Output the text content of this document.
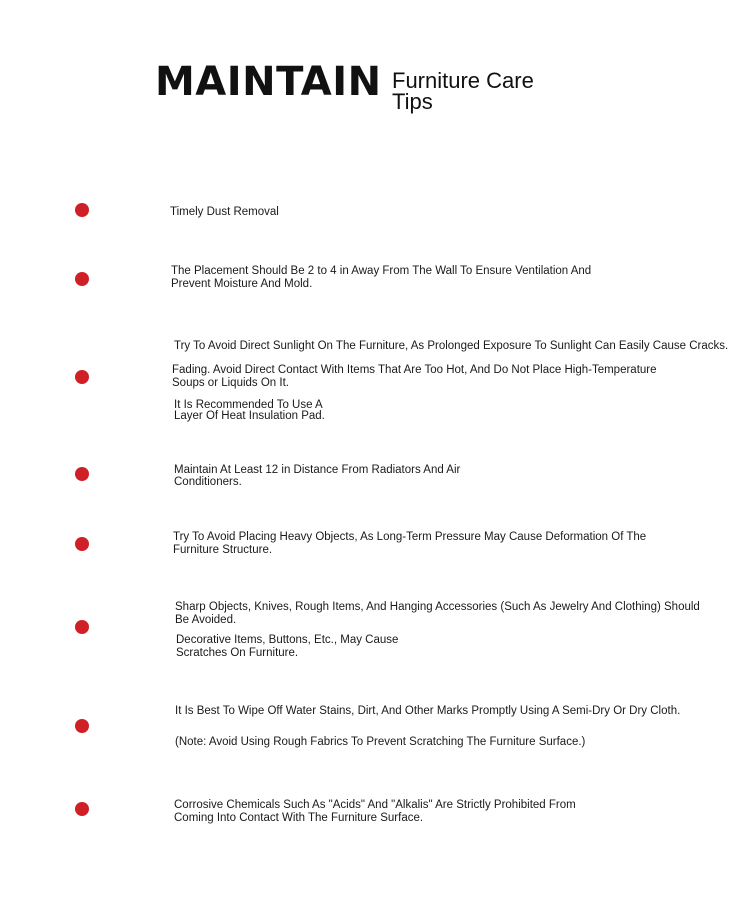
MAINTAIN Furniture Care
Tips
Timely Dust Removal
The Placement Should Be 2 to 4 in Away From The Wall To Ensure Ventilation And Prevent Moisture And Mold.
Try To Avoid Direct Sunlight On The Furniture, As Prolonged Exposure To Sunlight Can Easily Cause Cracks.
Fading. Avoid Direct Contact With Items That Are Too Hot, And Do Not Place High-Temperature Soups or Liquids On It.
It Is Recommended To Use A Layer Of Heat Insulation Pad.
Maintain At Least 12 in Distance From Radiators And Air Conditioners.
Try To Avoid Placing Heavy Objects, As Long-Term Pressure May Cause Deformation Of The Furniture Structure.
Sharp Objects, Knives, Rough Items, And Hanging Accessories (Such As Jewelry And Clothing) Should Be Avoided.
Decorative Items, Buttons, Etc., May Cause Scratches On Furniture.
It Is Best To Wipe Off Water Stains, Dirt, And Other Marks Promptly Using A Semi-Dry Or Dry Cloth.
(Note: Avoid Using Rough Fabrics To Prevent Scratching The Furniture Surface.)
Corrosive Chemicals Such As "Acids" And "Alkalis" Are Strictly Prohibited From Coming Into Contact With The Furniture Surface.
